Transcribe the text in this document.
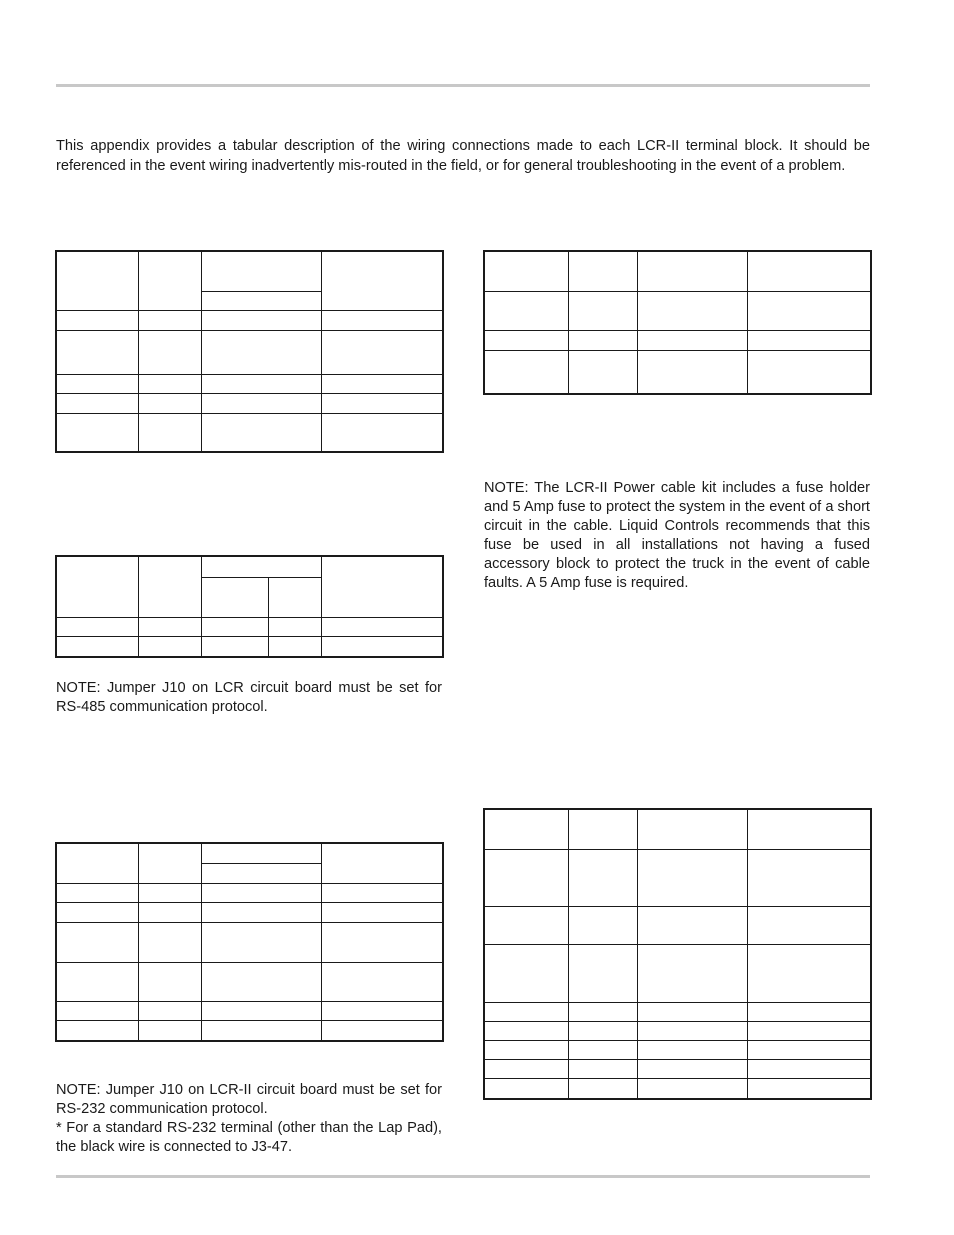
This appendix provides a tabular description of the wiring connections made to each LCR-II terminal block. It should be referenced in the event wiring inadvertently mis-routed in the field, or for general troubleshooting in the event of a problem.

NOTE: The LCR-II Power cable kit includes a fuse holder and 5 Amp fuse to protect the system in the event of a short circuit in the cable. Liquid Controls recommends that this fuse be used in all installations not having a fused accessory block to protect the truck in the event of cable faults. A 5 Amp fuse is required.

NOTE: Jumper J10 on LCR circuit board must be set for RS-485 communication protocol.

NOTE: Jumper J10 on LCR-II circuit board must be set for RS-232 communication protocol.

* For a standard RS-232 terminal (other than the Lap Pad), the black wire is connected to J3-47.
